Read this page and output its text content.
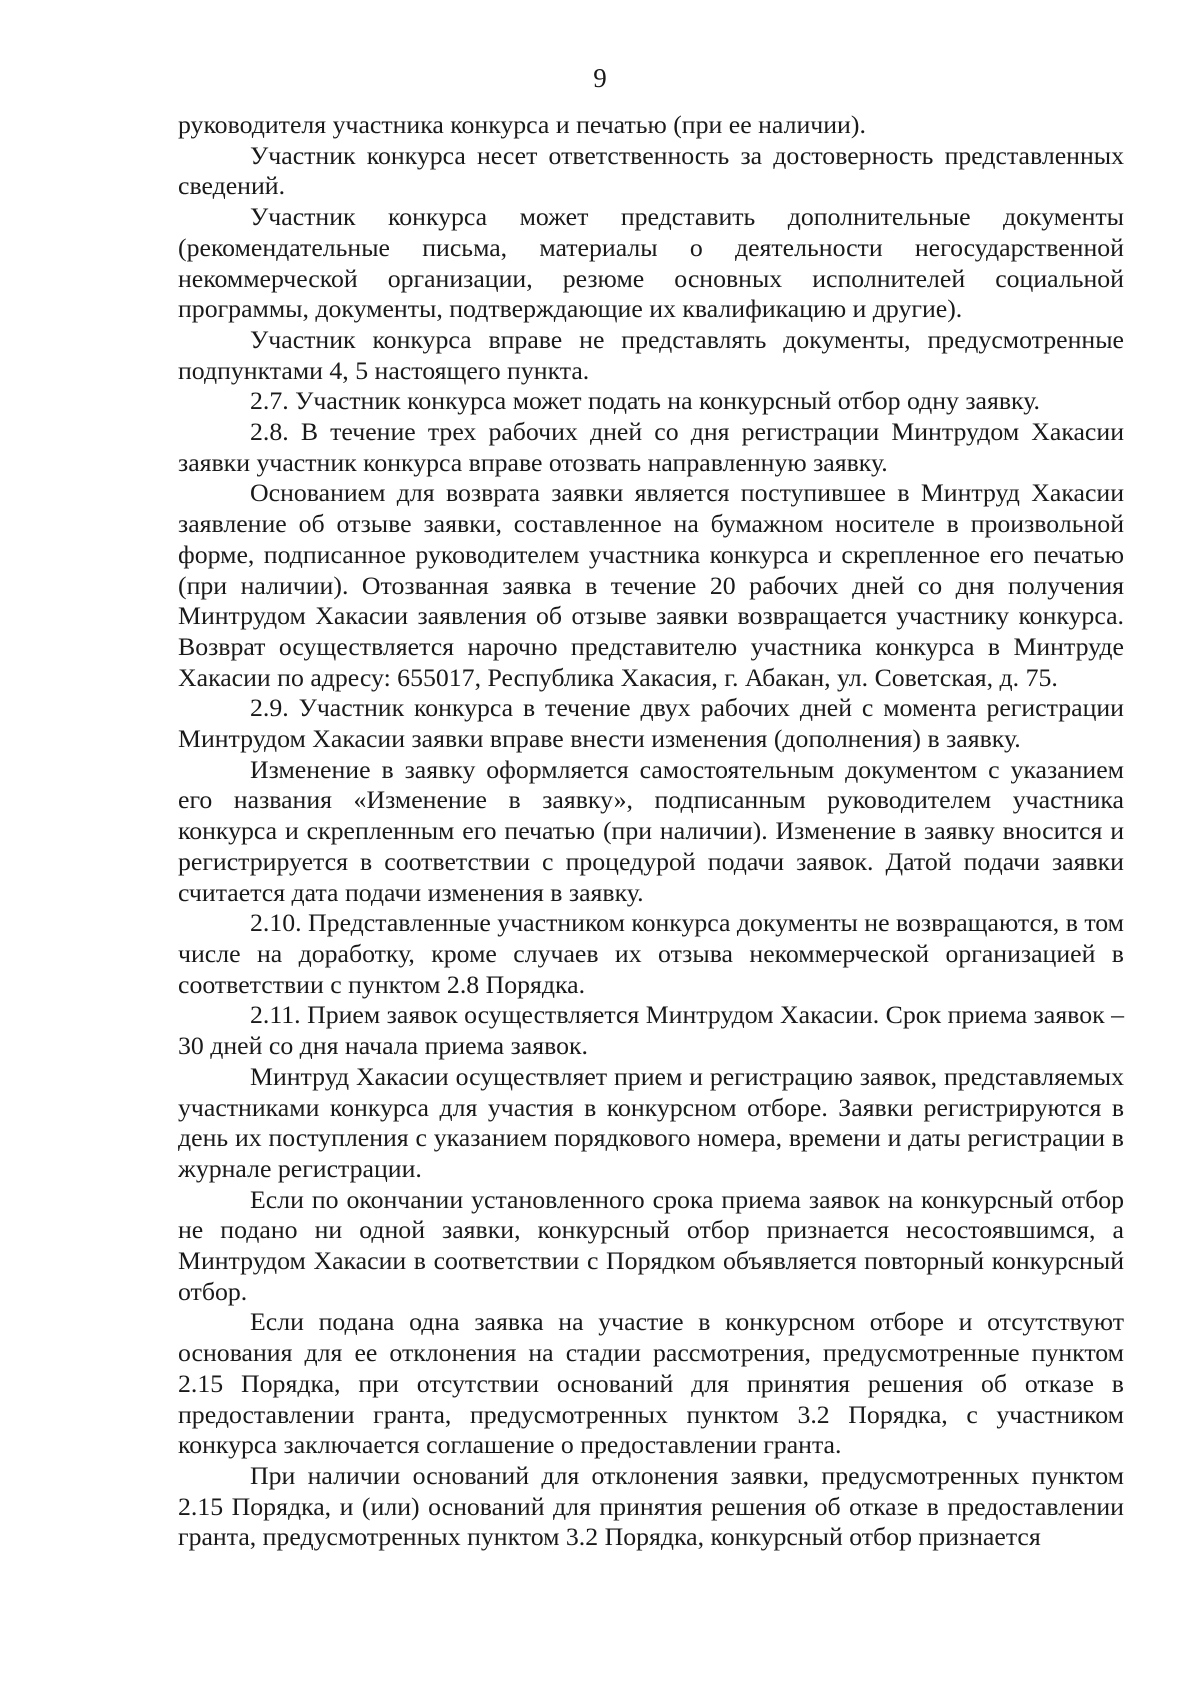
9

руководителя участника конкурса и печатью (при ее наличии).

Участник конкурса несет ответственность за достоверность представленных сведений.

Участник конкурса может представить дополнительные документы (рекомендательные письма, материалы о деятельности негосударственной некоммерческой организации, резюме основных исполнителей социальной программы, документы, подтверждающие их квалификацию и другие).

Участник конкурса вправе не представлять документы, предусмотренные подпунктами 4, 5 настоящего пункта.

2.7. Участник конкурса может подать на конкурсный отбор одну заявку.

2.8. В течение трех рабочих дней со дня регистрации Минтрудом Хакасии заявки участник конкурса вправе отозвать направленную заявку.

Основанием для возврата заявки является поступившее в Минтруд Хакасии заявление об отзыве заявки, составленное на бумажном носителе в произвольной форме, подписанное руководителем участника конкурса и скрепленное его печатью (при наличии). Отозванная заявка в течение 20 рабочих дней со дня получения Минтрудом Хакасии заявления об отзыве заявки возвращается участнику конкурса. Возврат осуществляется нарочно представителю участника конкурса в Минтруде Хакасии по адресу: 655017, Республика Хакасия, г. Абакан, ул. Советская, д. 75.

2.9. Участник конкурса в течение двух рабочих дней с момента регистрации Минтрудом Хакасии заявки вправе внести изменения (дополнения) в заявку.

Изменение в заявку оформляется самостоятельным документом с указанием его названия «Изменение в заявку», подписанным руководителем участника конкурса и скрепленным его печатью (при наличии). Изменение в заявку вносится и регистрируется в соответствии с процедурой подачи заявок. Датой подачи заявки считается дата подачи изменения в заявку.

2.10. Представленные участником конкурса документы не возвращаются, в том числе на доработку, кроме случаев их отзыва некоммерческой организацией в соответствии с пунктом 2.8 Порядка.

2.11. Прием заявок осуществляется Минтрудом Хакасии. Срок приема заявок – 30 дней со дня начала приема заявок.

Минтруд Хакасии осуществляет прием и регистрацию заявок, представляемых участниками конкурса для участия в конкурсном отборе. Заявки регистрируются в день их поступления с указанием порядкового номера, времени и даты регистрации в журнале регистрации.

Если по окончании установленного срока приема заявок на конкурсный отбор не подано ни одной заявки, конкурсный отбор признается несостоявшимся, а Минтрудом Хакасии в соответствии с Порядком объявляется повторный конкурсный отбор.

Если подана одна заявка на участие в конкурсном отборе и отсутствуют основания для ее отклонения на стадии рассмотрения, предусмотренные пунктом 2.15 Порядка, при отсутствии оснований для принятия решения об отказе в предоставлении гранта, предусмотренных пунктом 3.2 Порядка, с участником конкурса заключается соглашение о предоставлении гранта.

При наличии оснований для отклонения заявки, предусмотренных пунктом 2.15 Порядка, и (или) оснований для принятия решения об отказе в предоставлении гранта, предусмотренных пунктом 3.2 Порядка, конкурсный отбор признается
